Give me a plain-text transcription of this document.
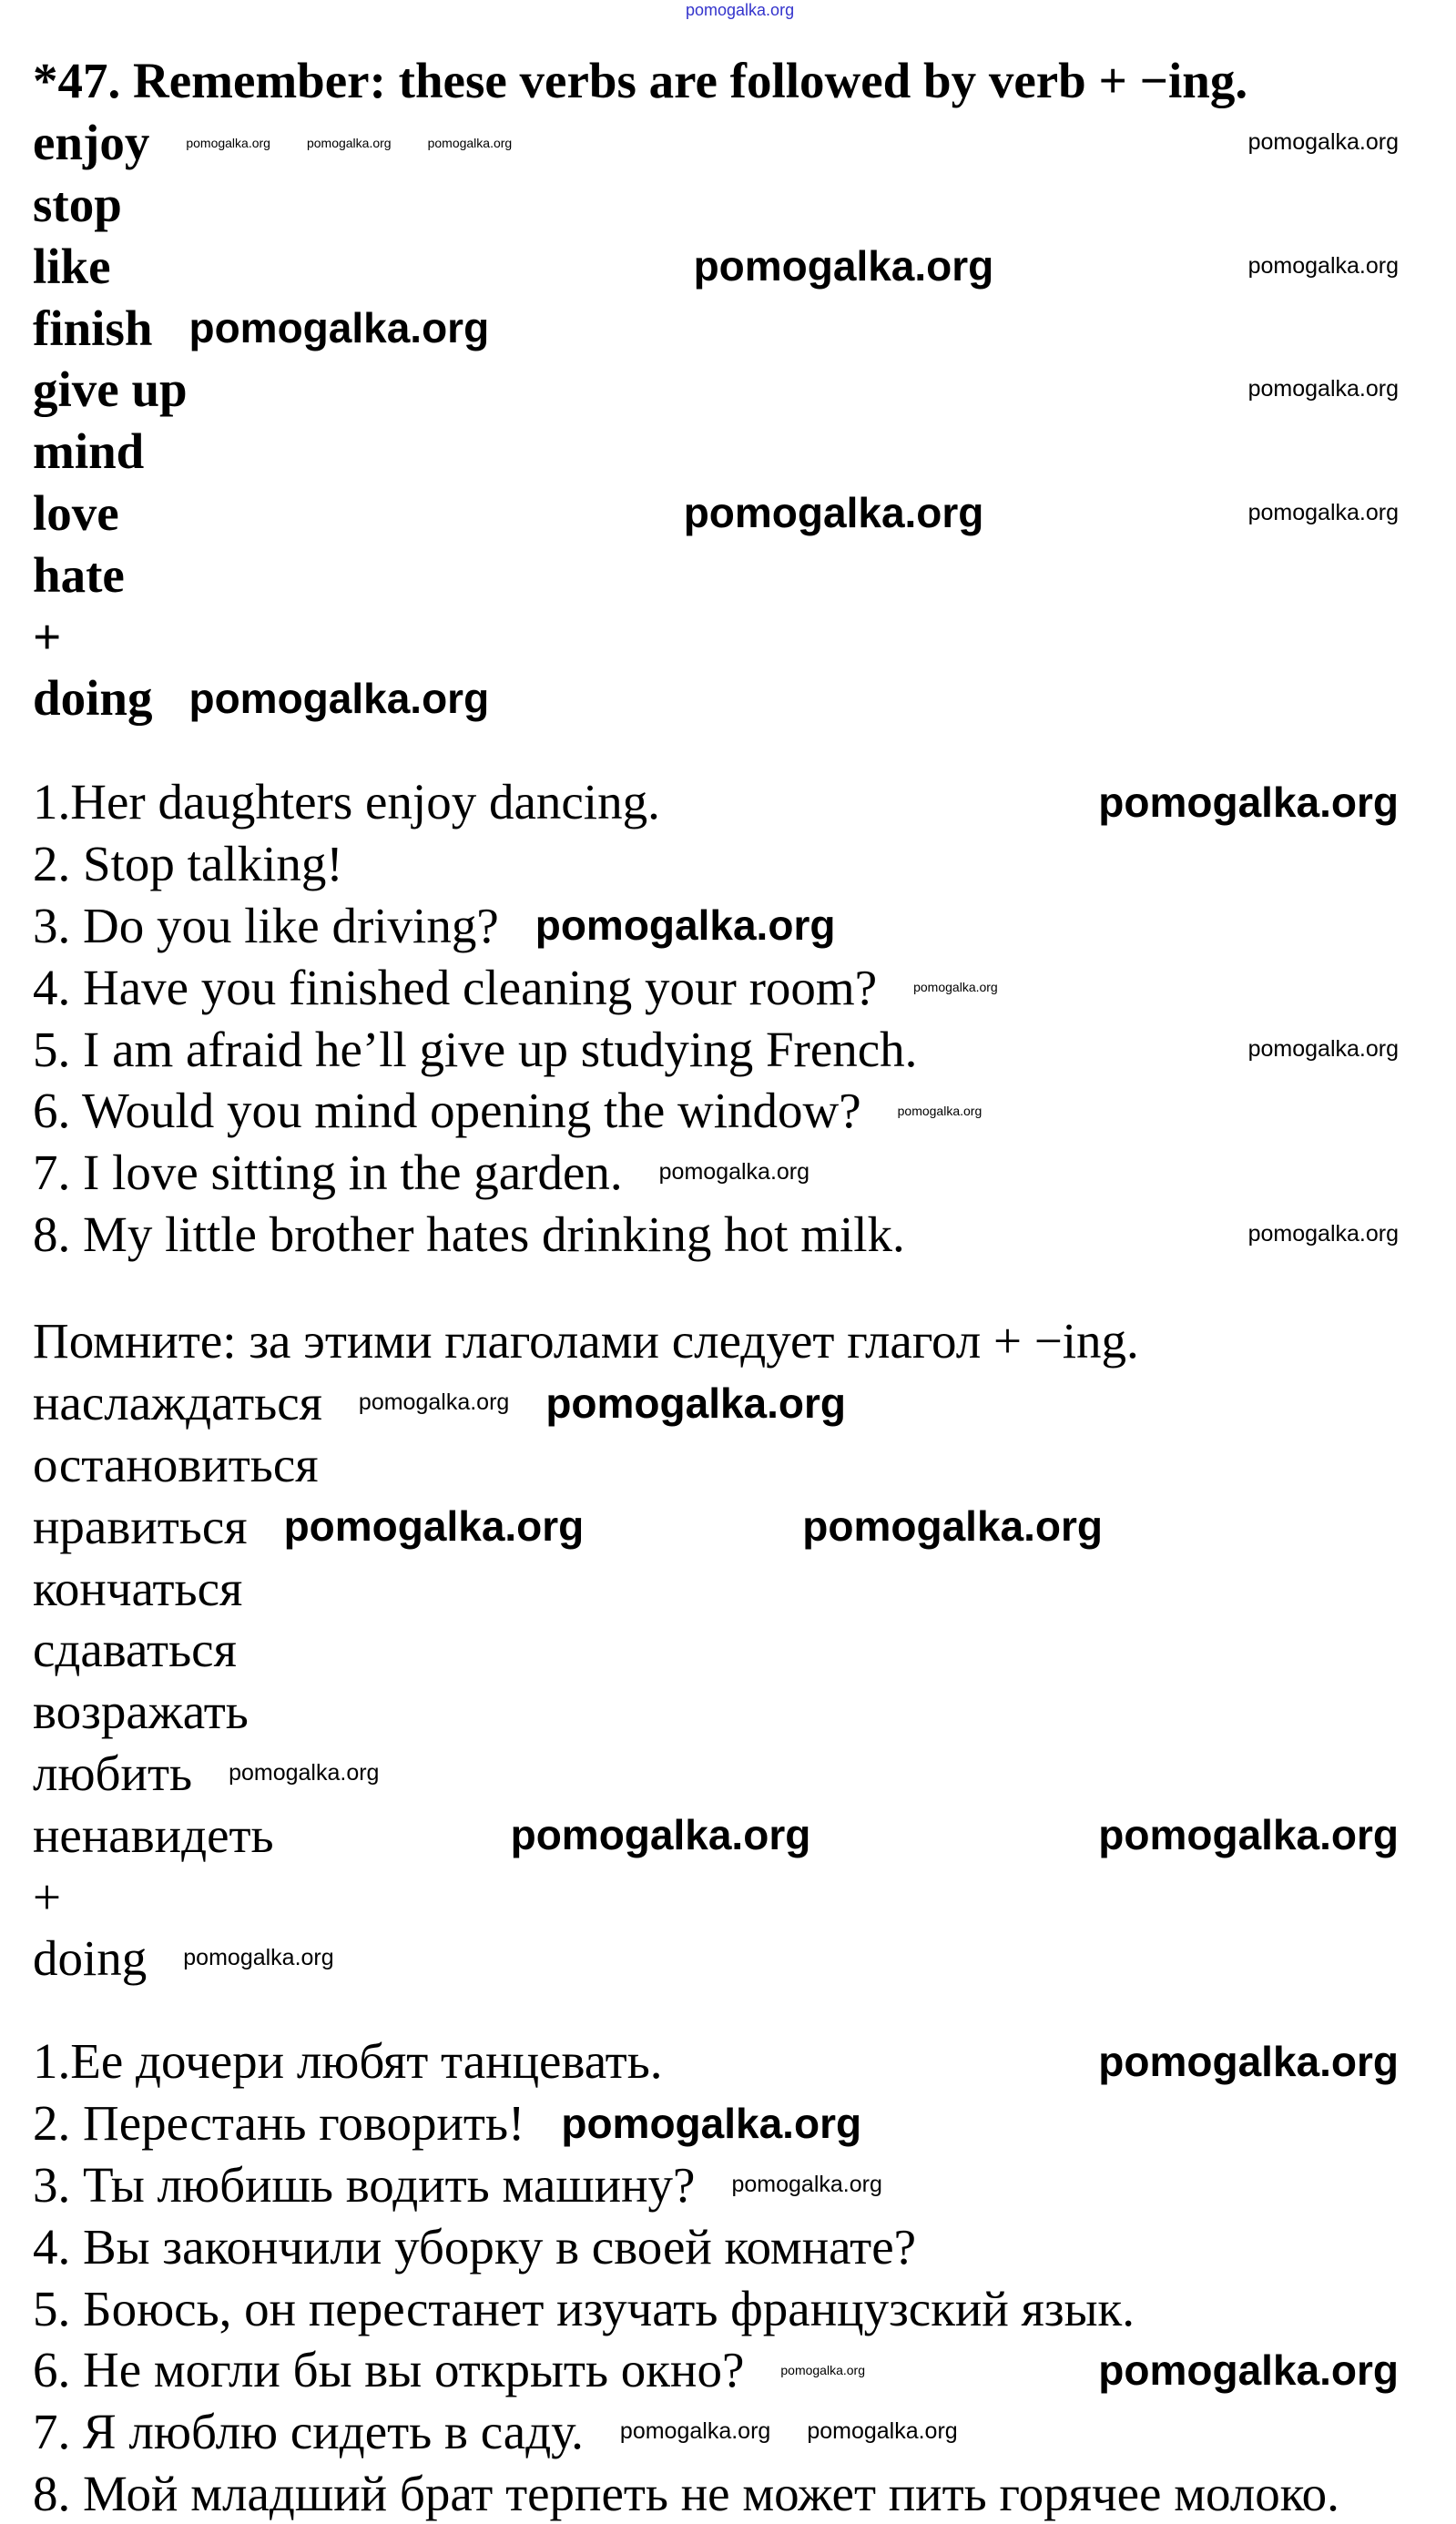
pomogalka.org
*47. Remember: these verbs are followed by verb + −ing.
enjoy	pomogalka.org	pomogalka.org	pomogalka.org	pomogalka.org
stop
like	pomogalka.org	pomogalka.org
finish pomogalka.org
give up	pomogalka.org
mind
love	pomogalka.org	pomogalka.org
hate
+
doing pomogalka.org
1.Her daughters enjoy dancing.	pomogalka.org
2. Stop talking!
3. Do you like driving? pomogalka.org
4. Have you finished cleaning your room?	pomogalka.org
5. I am afraid he’ll give up studying French.	pomogalka.org
6. Would you mind opening the window?	pomogalka.org
7. I love sitting in the garden. pomogalka.org
8. My little brother hates drinking hot milk.	pomogalka.org
Помните: за этими глаголами следует глагол + −ing.
наслаждаться pomogalka.org pomogalka.org
остановиться
нравиться pomogalka.org	pomogalka.org
кончаться
сдаваться
возражать
любить pomogalka.org
ненавидеть	pomogalka.org	pomogalka.org
+
doing pomogalka.org
1.Ее дочери любят танцевать.	pomogalka.org
2. Перестань говорить! pomogalka.org
3. Ты любишь водить машину? pomogalka.org
4. Вы закончили уборку в своей комнате?
5. Боюсь, он перестанет изучать французский язык.
6. Не могли бы вы открыть окно?	pomogalka.org	pomogalka.org
7. Я люблю сидеть в саду. pomogalka.org pomogalka.org
8. Мой младший брат терпеть не может пить горячее молоко.
